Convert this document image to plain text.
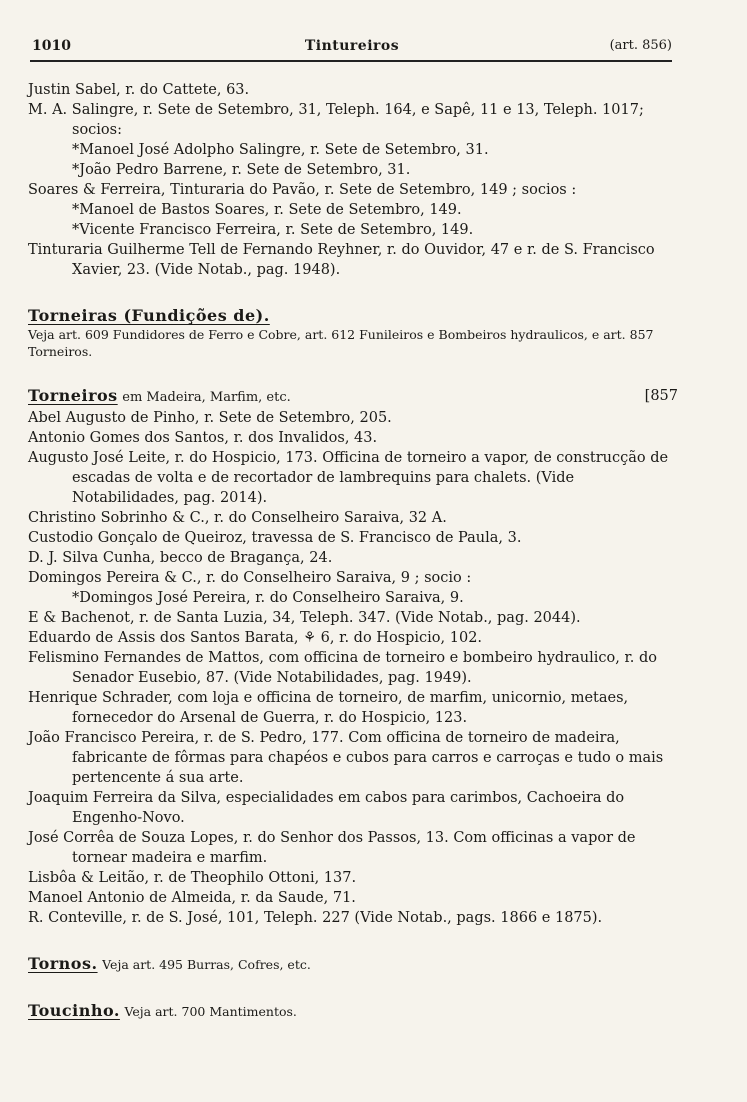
1010	Tintureiros	(art. 856)

Justin Sabel, r. do Cattete, 63.

M. A. Salingre, r. Sete de Setembro, 31, Teleph. 164, e Sapê, 11 e 13, Teleph. 1017; socios:

*Manoel José Adolpho Salingre, r. Sete de Setembro, 31.

*João Pedro Barrene, r. Sete de Setembro, 31.

Soares & Ferreira, Tinturaria do Pavão, r. Sete de Setembro, 149 ; socios :

*Manoel de Bastos Soares, r. Sete de Setembro, 149.

*Vicente Francisco Ferreira, r. Sete de Setembro, 149.

Tinturaria Guilherme Tell de Fernando Reyhner, r. do Ouvidor, 47 e r. de S. Francisco Xavier, 23. (Vide Notab., pag. 1948).

Torneiras (Fundições de).
Veja art. 609 Fundidores de Ferro e Cobre, art. 612 Funileiros e Bombeiros hydraulicos, e art. 857 Torneiros.
Torneiros em Madeira, Marfim, etc.	[857

Abel Augusto de Pinho, r. Sete de Setembro, 205.

Antonio Gomes dos Santos, r. dos Invalidos, 43.

Augusto José Leite, r. do Hospicio, 173. Officina de torneiro a vapor, de construcção de escadas de volta e de recortador de lambrequins para chalets. (Vide Notabilidades, pag. 2014).

Christino Sobrinho & C., r. do Conselheiro Saraiva, 32 A.

Custodio Gonçalo de Queiroz, travessa de S. Francisco de Paula, 3.

D. J. Silva Cunha, becco de Bragança, 24.

Domingos Pereira & C., r. do Conselheiro Saraiva, 9 ; socio :

*Domingos José Pereira, r. do Conselheiro Saraiva, 9.

E & Bachenot, r. de Santa Luzia, 34, Teleph. 347. (Vide Notab., pag. 2044).

Eduardo de Assis dos Santos Barata, ⚘ 6, r. do Hospicio, 102.

Felismino Fernandes de Mattos, com officina de torneiro e bombeiro hydraulico, r. do Senador Eusebio, 87. (Vide Notabilidades, pag. 1949).

Henrique Schrader, com loja e officina de torneiro, de marfim, unicornio, metaes, fornecedor do Arsenal de Guerra, r. do Hospicio, 123.

João Francisco Pereira, r. de S. Pedro, 177. Com officina de torneiro de madeira, fabricante de fôrmas para chapéos e cubos para carros e carroças e tudo o mais pertencente á sua arte.

Joaquim Ferreira da Silva, especialidades em cabos para carimbos, Cachoeira do Engenho-Novo.

José Corrêa de Souza Lopes, r. do Senhor dos Passos, 13. Com officinas a vapor de tornear madeira e marfim.

Lisbôa & Leitão, r. de Theophilo Ottoni, 137.

Manoel Antonio de Almeida, r. da Saude, 71.

R. Conteville, r. de S. José, 101, Teleph. 227 (Vide Notab., pags. 1866 e 1875).

Tornos. Veja art. 495 Burras, Cofres, etc.
Toucinho. Veja art. 700 Mantimentos.
